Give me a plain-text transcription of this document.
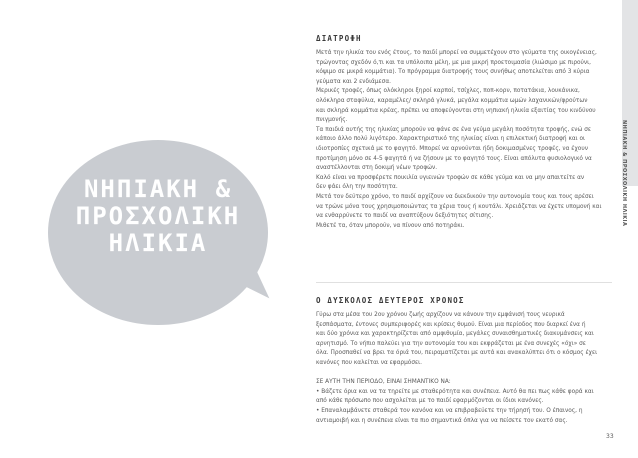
ΝΗΠΙΑΚΗ &
ΠΡΟΣΧΟΛΙΚΗ
ΗΛΙΚΙΑ
ΝΗΠΙΑΚΗ & ΠΡΟΣΧΟΛΙΚΗ ΗΛΙΚΙΑ
ΔΙΑΤΡΟΦΗ
Μετά την ηλικία του ενός έτους, το παιδί μπορεί να συμμετέχουν στο γεύματα της οικογένειας,
τρώγοντας σχεδόν ό,τι και τα υπόλοιπα μέλη, με μια μικρή προετοιμασία (λιώσιμο με πιρούνι,
κόψιμο σε μικρά κομμάτια). Το πρόγραμμα διατροφής τους συνήθως αποτελείται από 3 κύρια
γεύματα και 2 ενδιάμεσα.
Μερικές τροφές, όπως ολόκληροι ξηροί καρποί, τσίχλες, ποπ-κορν, ποτατάκια, λουκάνικα,
ολόκληρα σταφύλια, καραμέλες/ σκληρά γλυκά, μεγάλα κομμάτια ωμών λαχανικών/φρούτων
και σκληρά κομμάτια κρέας, πρέπει να αποφεύγονται στη νηπιακή ηλικία εξαιτίας του κινδύνου
πνιγμονής.
Τα παιδιά αυτής της ηλικίας μπορούν να φάνε σε ένα γεύμα μεγάλη ποσότητα τροφής, ενώ σε
κάποιο άλλο πολύ λιγότερο. Χαρακτηριστικό της ηλικίας είναι η επιλεκτική διατροφή και οι
ιδιοτροπίες σχετικά με το φαγητό. Μπορεί να αρνούνται ήδη δοκιμασμένες τροφές, να έχουν
προτίμηση μόνο σε 4-5 φαγητά ή να ζήσουν με το φαγητό τους. Είναι απόλυτα φυσιολογικό να
αναστέλλονται στη δοκιμή νέων τροφών.
Καλό είναι να προσφέρετε ποικιλία υγιεινών τροφών σε κάθε γεύμα και να μην απαιτείτε αν
δεν φάει όλη την ποσότητα.
Μετά τον δεύτερο χρόνο, το παιδί αρχίζουν να διεκδικούν την αυτονομία τους και τους αρέσει
να τρώνε μόνα τους χρησιμοποιώντας τα χέρια τους ή κουτάλι. Χρειάζεται να έχετε υπομονή και
να ενθαρρύνετε το παιδί να αναπτύξουν δεξιότητες σίτισης.
Μιθετέ τα, όταν μπορούν, να πίνουν από ποτηράκι.
Ο ΔΥΣΚΟΛΟΣ ΔΕΥΤΕΡΟΣ ΧΡΟΝΟΣ
Γύρω στα μέσα του 2ου χρόνου ζωής αρχίζουν να κάνουν την εμφάνισή τους νευρικά
ξεσπάσματα, έντονες συμπεριφορές και κρίσεις θυμού. Είναι μια περίοδος που διαρκεί ένα ή
και δύο χρόνια και χαρακτηρίζεται από αμφιθυμία, μεγάλες συναισθηματικές διακυμάνσεις και
αρνητισμό. Το νήπιο παλεύει για την αυτονομία του και εκφράζεται με ένα συνεχές «όχι» σε
όλα. Προσπαθεί να βρει τα όριά του, πειραματίζεται με αυτά και ανακαλύπτει ότι ο κόσμος έχει
κανόνες που καλείται να εφαρμόσει.

ΣΕ ΑΥΤΗ ΤΗΝ ΠΕΡΙΟΔΟ, ΕΙΝΑΙ ΣΗΜΑΝΤΙΚΟ ΝΑ:
• Βάζετε όρια και να τα τηρείτε με σταθερότητα και συνέπεια. Αυτό θα πει πως κάθε φορά και
από κάθε πρόσωπο που ασχολείται με το παιδί εφαρμόζονται οι ίδιοι κανόνες.
• Επαναλαμβάνετε σταθερά τον κανόνα και να επιβραβεύετε την τήρησή του. Ο έπαινος, η
αντιαμοιβή και η συνέπεια είναι τα πιο σημαντικά όπλα για να πείσετε τον εκατό σας.
33
